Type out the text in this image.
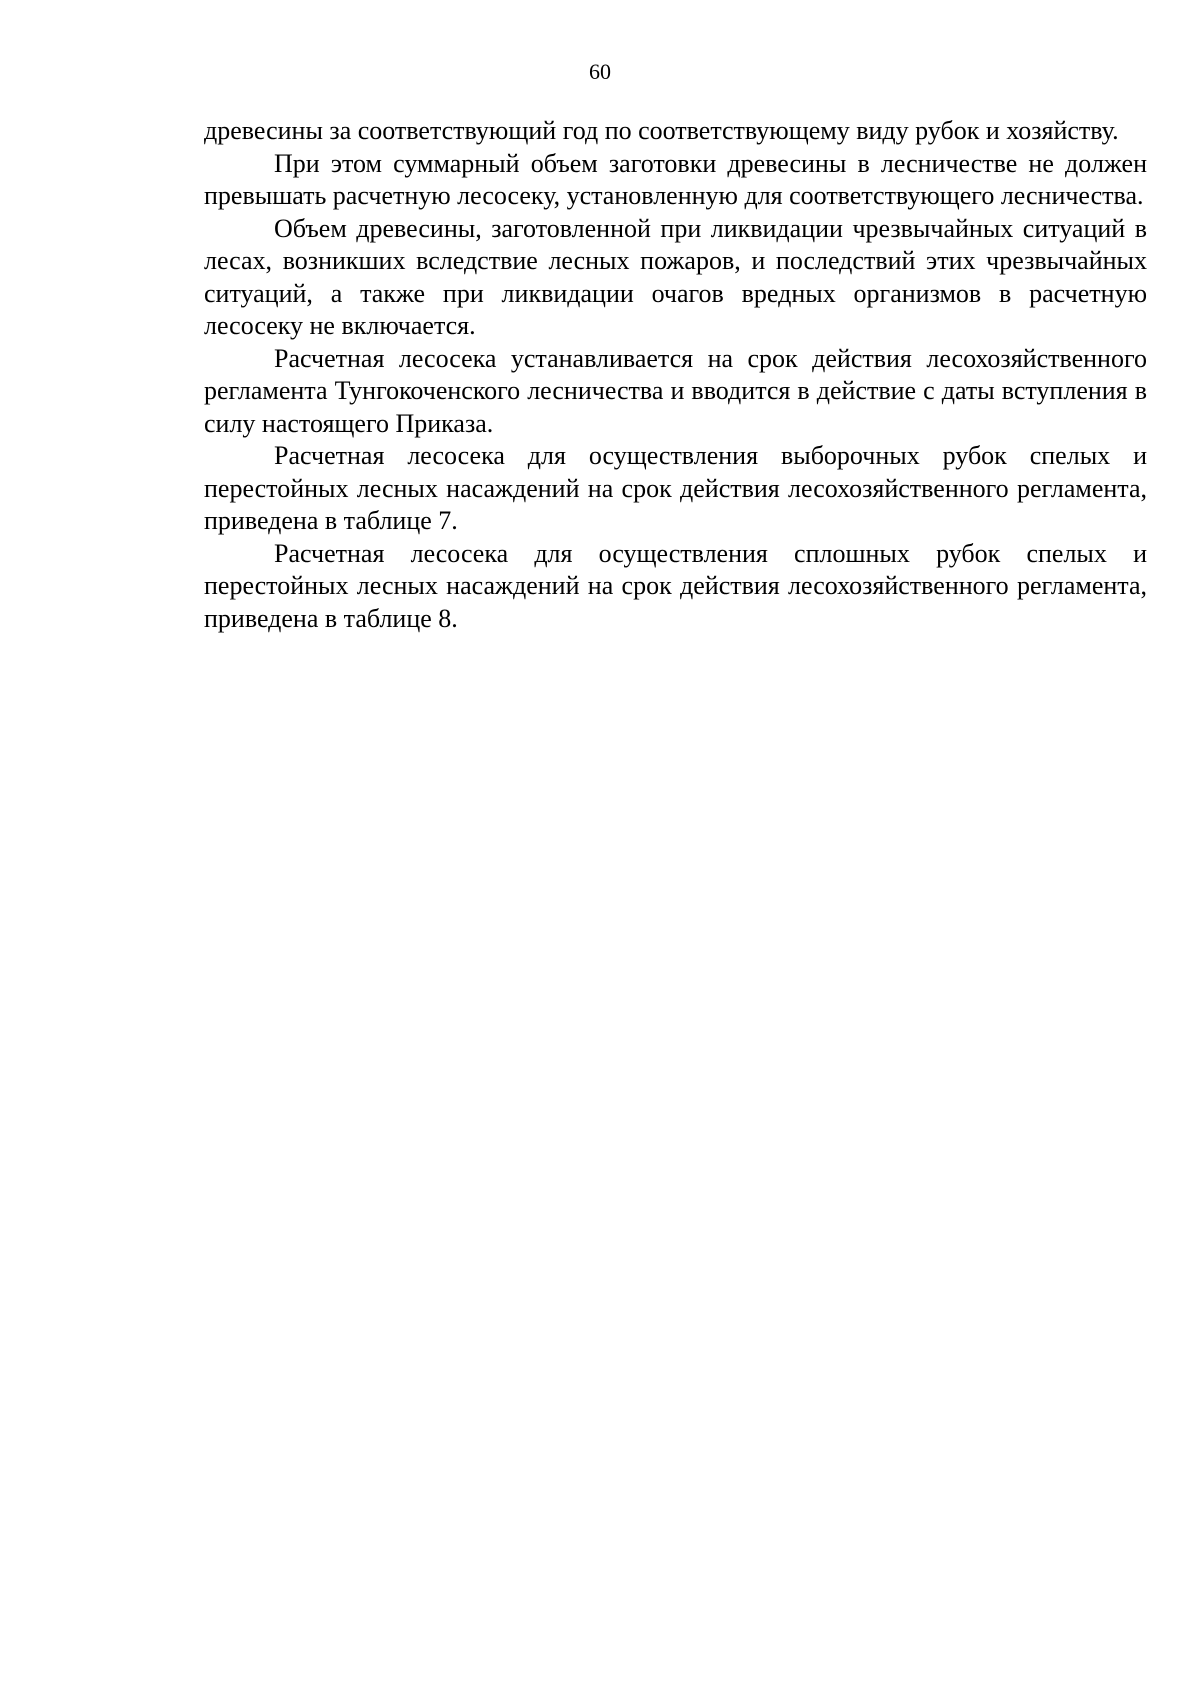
60

древесины за соответствующий год по соответствующему виду рубок и хозяйству.

При этом суммарный объем заготовки древесины в лесничестве не должен превышать расчетную лесосеку, установленную для соответствующего лесничества.

Объем древесины, заготовленной при ликвидации чрезвычайных ситуаций в лесах, возникших вследствие лесных пожаров, и последствий этих чрезвычайных ситуаций, а также при ликвидации очагов вредных организмов в расчетную лесосеку не включается.

Расчетная лесосека устанавливается на срок действия лесохозяйственного регламента Тунгокоченского лесничества и вводится в действие с даты вступления в силу настоящего Приказа.

Расчетная лесосека для осуществления выборочных рубок спелых и перестойных лесных насаждений на срок действия лесохозяйственного регламента, приведена в таблице 7.

Расчетная лесосека для осуществления сплошных рубок спелых и перестойных лесных насаждений на срок действия лесохозяйственного регламента, приведена в таблице 8.
